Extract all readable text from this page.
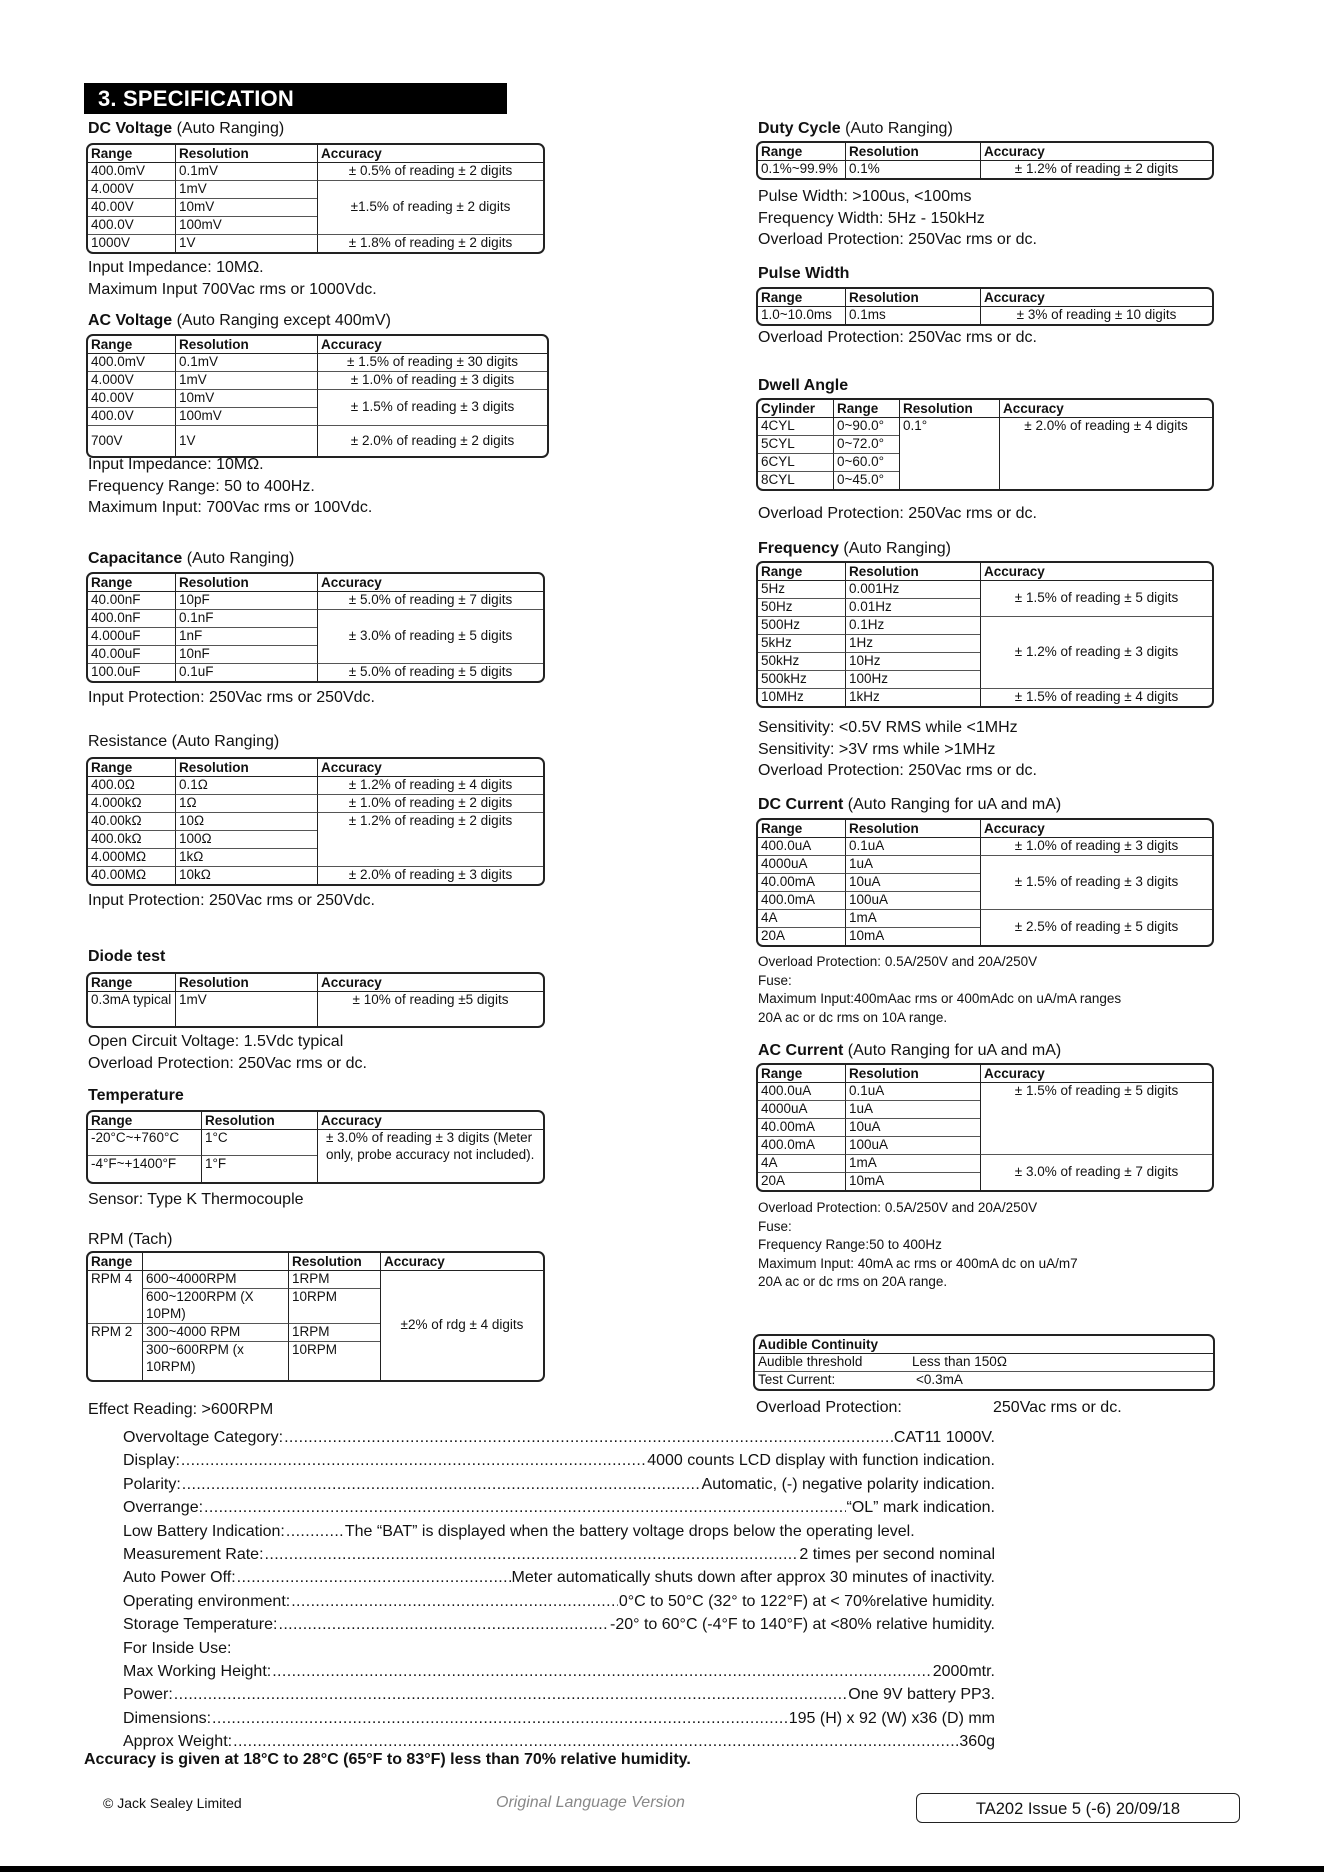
3. SPECIFICATION
DC Voltage (Auto Ranging)
Range	Resolution	Accuracy
400.0mV	0.1mV	± 0.5% of reading ± 2 digits
4.000V	1mV	±1.5% of reading ± 2 digits
40.00V	10mV	
400.0V	100mV	
1000V	1V	± 1.8% of reading ± 2 digits
Input Impedance: 10MΩ.
Maximum Input 700Vac rms or 1000Vdc.
AC Voltage (Auto Ranging except 400mV)
Range	Resolution	Accuracy
400.0mV	0.1mV	± 1.5% of reading ± 30 digits
4.000V	1mV	± 1.0% of reading ± 3 digits
40.00V	10mV	± 1.5% of reading ± 3 digits
400.0V	100mV	
700V	1V	± 2.0% of reading ± 2 digits
Input Impedance: 10MΩ.
Frequency Range: 50 to 400Hz.
Maximum Input: 700Vac rms or 100Vdc.
Capacitance (Auto Ranging)
Range	Resolution	Accuracy
40.00nF	10pF	± 5.0% of reading ± 7 digits
400.0nF	0.1nF	± 3.0% of reading ± 5 digits
4.000uF	1nF	
40.00uF	10nF	
100.0uF	0.1uF	± 5.0% of reading ± 5 digits
Input Protection: 250Vac rms or 250Vdc.
Resistance (Auto Ranging)
Range	Resolution	Accuracy
400.0Ω	0.1Ω	± 1.2% of reading ± 4 digits
4.000kΩ	1Ω	± 1.0% of reading ± 2 digits
40.00kΩ	10Ω	± 1.2% of reading ± 2 digits
400.0kΩ	100Ω	
4.000MΩ	1kΩ	
40.00MΩ	10kΩ	± 2.0% of reading ± 3 digits
Input Protection: 250Vac rms or 250Vdc.
Diode test
Range	Resolution	Accuracy
0.3mA typical	1mV	± 10% of reading ±5 digits
Open Circuit Voltage: 1.5Vdc typical
Overload Protection: 250Vac rms or dc.
Temperature
Range	Resolution	Accuracy
-20°C~+760°C	1°C	± 3.0% of reading ± 3 digits (Meter only, probe accuracy not included).
-4°F~+1400°F	1°F	
Sensor: Type K Thermocouple
RPM (Tach)
Range		Resolution	Accuracy
RPM 4	600~4000RPM	1RPM	±2% of rdg ± 4 digits
	600~1200RPM (X 10PM)	10RPM	
RPM 2	300~4000 RPM	1RPM	
	300~600RPM (x 10RPM)	10RPM	
Effect Reading: >600RPM
Duty Cycle (Auto Ranging)
Range	Resolution	Accuracy
0.1%~99.9%	0.1%	± 1.2% of reading ± 2 digits
Pulse Width: >100us, <100ms
Frequency Width: 5Hz - 150kHz
Overload Protection: 250Vac rms or dc.
Pulse Width
Range	Resolution	Accuracy
1.0~10.0ms	0.1ms	± 3% of reading ± 10 digits
Overload Protection: 250Vac rms or dc.
Dwell Angle
Cylinder	Range	Resolution	Accuracy
4CYL	0~90.0°	0.1°	± 2.0% of reading ± 4 digits
5CYL	0~72.0°		
6CYL	0~60.0°		
8CYL	0~45.0°		
Overload Protection: 250Vac rms or dc.
Frequency (Auto Ranging)
Range	Resolution	Accuracy
5Hz	0.001Hz	± 1.5% of reading ± 5 digits
50Hz	0.01Hz	
500Hz	0.1Hz	± 1.2% of reading ± 3 digits
5kHz	1Hz	
50kHz	10Hz	
500kHz	100Hz	
10MHz	1kHz	± 1.5% of reading ± 4 digits
Sensitivity: <0.5V RMS while <1MHz
Sensitivity: >3V rms while >1MHz
Overload Protection: 250Vac rms or dc.
DC Current (Auto Ranging for uA and mA)
Range	Resolution	Accuracy
400.0uA	0.1uA	± 1.0% of reading ± 3 digits
4000uA	1uA	± 1.5% of reading ± 3 digits
40.00mA	10uA	
400.0mA	100uA	
4A	1mA	± 2.5% of reading ± 5 digits
20A	10mA	
Overload Protection: 0.5A/250V and 20A/250V
Fuse:
Maximum Input:400mAac rms or 400mAdc on uA/mA ranges
20A ac or dc rms on 10A range.
AC Current (Auto Ranging for uA and mA)
Range	Resolution	Accuracy
400.0uA	0.1uA	± 1.5% of reading ± 5 digits
4000uA	1uA	
40.00mA	10uA	
400.0mA	100uA	
4A	1mA	± 3.0% of reading ± 7 digits
20A	10mA	
Overload Protection: 0.5A/250V and 20A/250V
Fuse:
Frequency Range:50 to 400Hz
Maximum Input: 40mA ac rms or 400mA dc on uA/m7
20A ac or dc rms on 20A range.
Audible Continuity	
Audible threshold	Less than 150Ω
Test Current:	<0.3mA
Overload Protection:	250Vac rms or dc.
Overvoltage Category: .....	CAT11 1000V.
Display: .....	4000 counts LCD display with function indication.
Polarity: .....	Automatic, (-) negative polarity indication.
Overrange: .....	“OL” mark indication.
Low Battery Indication: .....	The “BAT” is displayed when the battery voltage drops below the operating level.
Measurement Rate: .....	2 times per second nominal
Auto Power Off: .....	Meter automatically shuts down after approx 30 minutes of inactivity.
Operating environment: .....	0°C to 50°C (32° to 122°F) at < 70%relative humidity.
Storage Temperature: .....	-20° to 60°C (-4°F to 140°F) at <80% relative humidity.
For Inside Use:
Max Working Height: .....	2000mtr.
Power: .....	One 9V battery PP3.
Dimensions: .....	195 (H) x 92 (W) x36 (D) mm
Approx Weight: .....	360g
Accuracy is given at 18°C to 28°C (65°F to 83°F) less than 70% relative humidity.
© Jack Sealey Limited	Original Language Version	TA202 Issue 5 (-6) 20/09/18
